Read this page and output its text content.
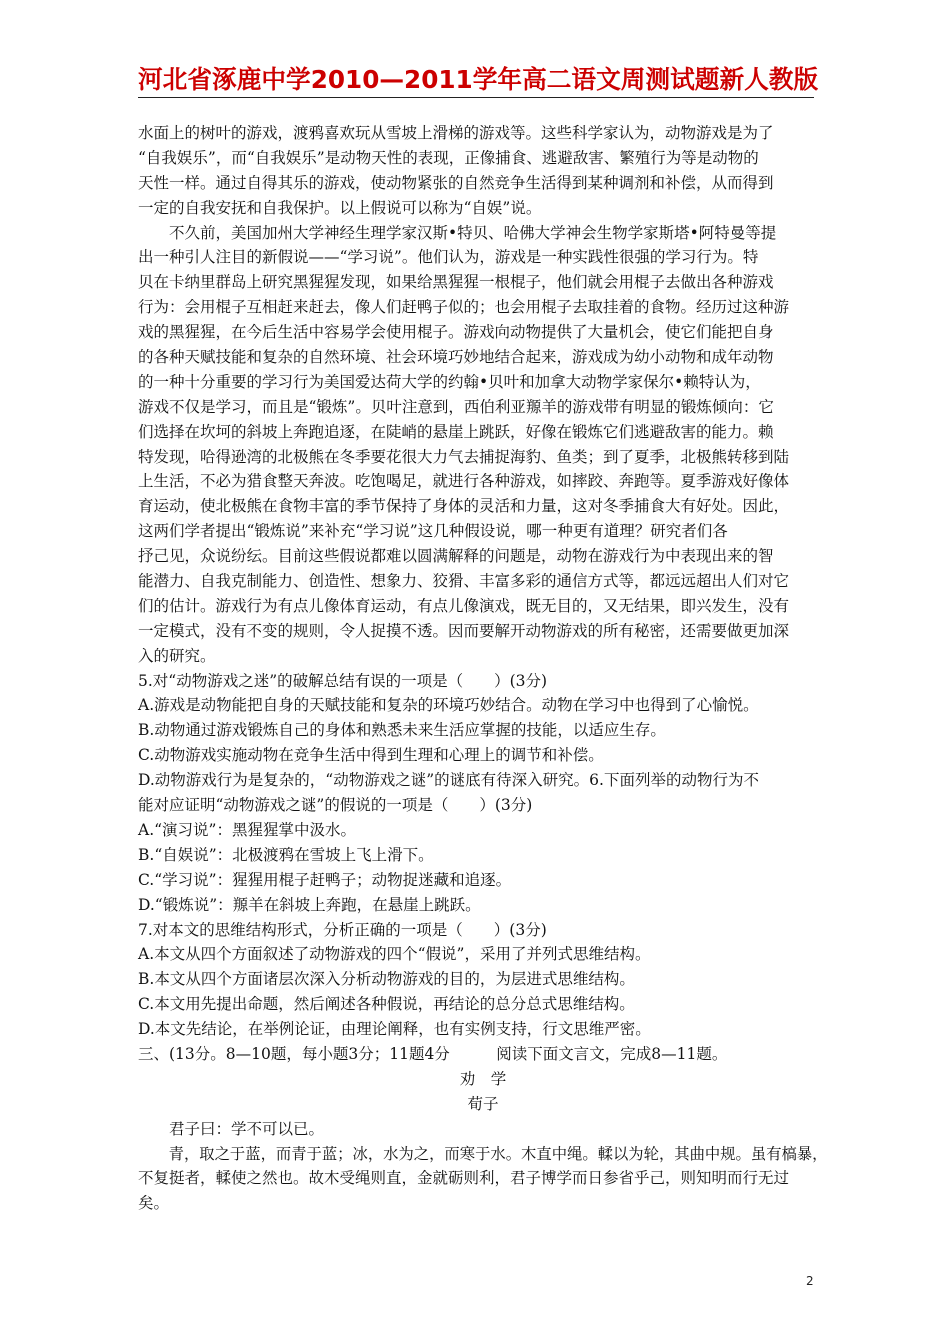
河北省涿鹿中学2010—2011学年高二语文周测试题新人教版
水面上的树叶的游戏，渡鸦喜欢玩从雪坡上滑梯的游戏等。这些科学家认为，动物游戏是为了
“自我娱乐”，而“自我娱乐”是动物天性的表现，正像捕食、逃避敌害、繁殖行为等是动物的
天性一样。通过自得其乐的游戏，使动物紧张的自然竞争生活得到某种调剂和补偿，从而得到
一定的自我安抚和自我保护。以上假说可以称为“自娱”说。
　　不久前，美国加州大学神经生理学家汉斯•特贝、哈佛大学神会生物学家斯塔•阿特曼等提
出一种引人注目的新假说——“学习说”。他们认为，游戏是一种实践性很强的学习行为。特
贝在卡纳里群岛上研究黑猩猩发现，如果给黑猩猩一根棍子，他们就会用棍子去做出各种游戏
行为：会用棍子互相赶来赶去，像人们赶鸭子似的；也会用棍子去取挂着的食物。经历过这种游
戏的黑猩猩，在今后生活中容易学会使用棍子。游戏向动物提供了大量机会，使它们能把自身
的各种天赋技能和复杂的自然环境、社会环境巧妙地结合起来，游戏成为幼小动物和成年动物
的一种十分重要的学习行为美国爱达荷大学的约翰•贝叶和加拿大动物学家保尔•赖特认为，
游戏不仅是学习，而且是“锻炼”。贝叶注意到，西伯利亚羱羊的游戏带有明显的锻炼倾向：它
们选择在坎坷的斜坡上奔跑追逐，在陡峭的悬崖上跳跃，好像在锻炼它们逃避敌害的能力。赖
特发现，哈得逊湾的北极熊在冬季要花很大力气去捕捉海豹、鱼类；到了夏季，北极熊转移到陆
上生活，不必为猎食整天奔波。吃饱喝足，就进行各种游戏，如摔跤、奔跑等。夏季游戏好像体
育运动，使北极熊在食物丰富的季节保持了身体的灵活和力量，这对冬季捕食大有好处。因此，
这两们学者提出“锻炼说”来补充“学习说”这几种假设说，哪一种更有道理？研究者们各
抒己见，众说纷纭。目前这些假说都难以圆满解释的问题是，动物在游戏行为中表现出来的智
能潜力、自我克制能力、创造性、想象力、狡猾、丰富多彩的通信方式等，都远远超出人们对它
们的估计。游戏行为有点儿像体育运动，有点儿像演戏，既无目的，又无结果，即兴发生，没有
一定模式，没有不变的规则，令人捉摸不透。因而要解开动物游戏的所有秘密，还需要做更加深
入的研究。
5.对“动物游戏之迷”的破解总结有误的一项是（　　）(3分)
A.游戏是动物能把自身的天赋技能和复杂的环境巧妙结合。动物在学习中也得到了心愉悦。
B.动物通过游戏锻炼自己的身体和熟悉未来生活应掌握的技能，以适应生存。
C.动物游戏实施动物在竞争生活中得到生理和心理上的调节和补偿。
D.动物游戏行为是复杂的，“动物游戏之谜”的谜底有待深入研究。6.下面列举的动物行为不
能对应证明“动物游戏之谜”的假说的一项是（　　）(3分)
A.“演习说”：黑猩猩掌中汲水。
B.“自娱说”：北极渡鸦在雪坡上飞上滑下。
C.“学习说”：猩猩用棍子赶鸭子；动物捉迷藏和追逐。
D.“锻炼说”：羱羊在斜坡上奔跑，在悬崖上跳跃。
7.对本文的思维结构形式，分析正确的一项是（　　）(3分)
A.本文从四个方面叙述了动物游戏的四个“假说”，采用了并列式思维结构。
B.本文从四个方面诸层次深入分析动物游戏的目的，为层进式思维结构。
C.本文用先提出命题，然后阐述各种假说，再结论的总分总式思维结构。
D.本文先结论，在举例论证，由理论阐释，也有实例支持，行文思维严密。
三、(13分。8—10题，每小题3分；11题4分　　　阅读下面文言文，完成8—11题。
劝　学
荀子
　　君子曰：学不可以已。
　　青，取之于蓝，而青于蓝；冰，水为之，而寒于水。木直中绳。輮以为轮，其曲中规。虽有槁暴，
不复挺者，輮使之然也。故木受绳则直，金就砺则利，君子博学而日参省乎己，则知明而行无过
矣。
2
